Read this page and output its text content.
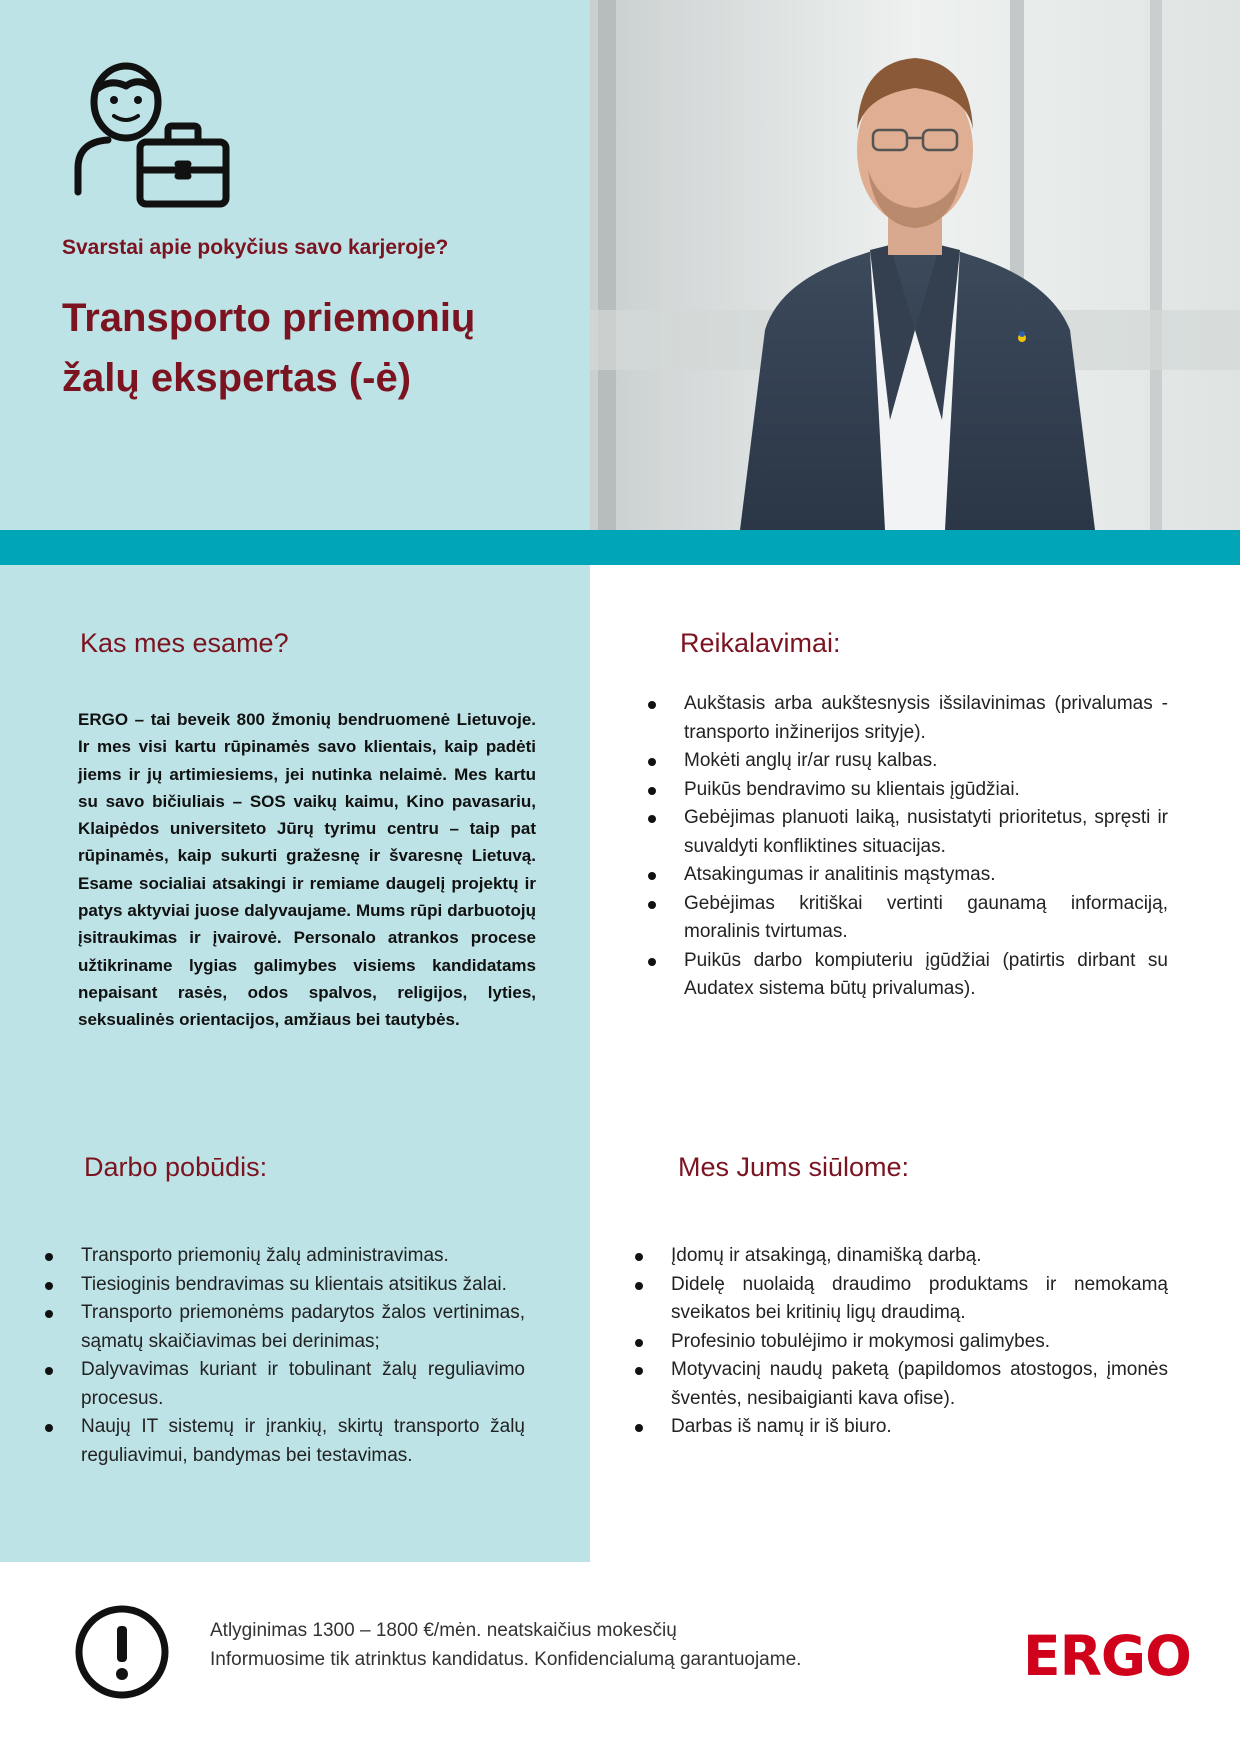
Svarstai apie pokyčius savo karjeroje?
Transporto priemonių
žalų ekspertas (-ė)
Kas mes esame?
ERGO – tai beveik 800 žmonių bendruomenė Lietuvoje. Ir mes visi kartu rūpinamės savo klientais, kaip padėti jiems ir jų artimiesiems, jei nutinka nelaimė. Mes kartu su savo bičiuliais – SOS vaikų kaimu, Kino pavasariu, Klaipėdos universiteto Jūrų tyrimu centru – taip pat rūpinamės, kaip sukurti gražesnę ir švaresnę Lietuvą. Esame socialiai atsakingi ir remiame daugelį projektų ir patys aktyviai juose dalyvaujame. Mums rūpi darbuotojų įsitraukimas ir įvairovė. Personalo atrankos procese užtikriname lygias galimybes visiems kandidatams nepaisant rasės, odos spalvos, religijos, lyties, seksualinės orientacijos, amžiaus bei tautybės.
Reikalavimai:
Aukštasis arba aukštesnysis išsilavinimas (privalumas - transporto inžinerijos srityje).
Mokėti anglų ir/ar rusų kalbas.
Puikūs bendravimo su klientais įgūdžiai.
Gebėjimas planuoti laiką, nusistatyti prioritetus, spręsti ir suvaldyti konfliktines situacijas.
Atsakingumas ir analitinis mąstymas.
Gebėjimas kritiškai vertinti gaunamą informaciją, moralinis tvirtumas.
Puikūs darbo kompiuteriu įgūdžiai (patirtis dirbant su Audatex sistema būtų privalumas).
Darbo pobūdis:
Transporto priemonių žalų administravimas.
Tiesioginis bendravimas su klientais atsitikus žalai.
Transporto priemonėms padarytos žalos vertinimas, sąmatų skaičiavimas bei derinimas;
Dalyvavimas kuriant ir tobulinant žalų reguliavimo procesus.
Naujų IT sistemų ir įrankių, skirtų transporto žalų reguliavimui, bandymas bei testavimas.
Mes Jums siūlome:
Įdomų ir atsakingą, dinamišką darbą.
Didelę nuolaidą draudimo produktams ir nemokamą sveikatos bei kritinių ligų draudimą.
Profesinio tobulėjimo ir mokymosi galimybes.
Motyvacinį naudų paketą (papildomos atostogos, įmonės šventės, nesibaigianti kava ofise).
Darbas iš namų ir iš biuro.
Atlyginimas 1300 – 1800 €/mėn. neatskaičius mokesčių
Informuosime tik atrinktus kandidatus. Konfidencialumą garantuojame.	ERGO
